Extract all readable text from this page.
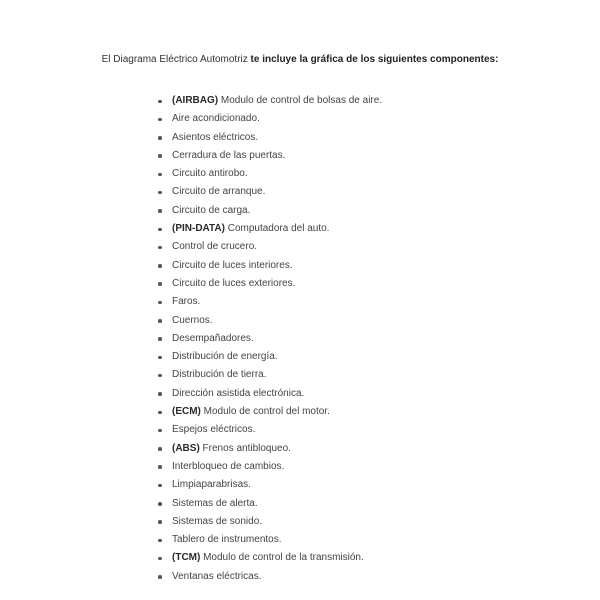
El Diagrama Eléctrico Automotriz te incluye la gráfica de los siguientes componentes:

(AIRBAG) Modulo de control de bolsas de aire.
Aire acondicionado.
Asientos eléctricos.
Cerradura de las puertas.
Circuito antirobo.
Circuito de arranque.
Circuito de carga.
(PIN-DATA) Computadora del auto.
Control de crucero.
Circuito de luces interiores.
Circuito de luces exteriores.
Faros.
Cuernos.
Desempañadores.
Distribución de energía.
Distribución de tierra.
Dirección asistida electrónica.
(ECM) Modulo de control del motor.
Espejos eléctricos.
(ABS) Frenos antibloqueo.
Interbloqueo de cambios.
Limpiaparabrisas.
Sistemas de alerta.
Sistemas de sonido.
Tablero de instrumentos.
(TCM) Modulo de control de la transmisión.
Ventanas eléctricas.
